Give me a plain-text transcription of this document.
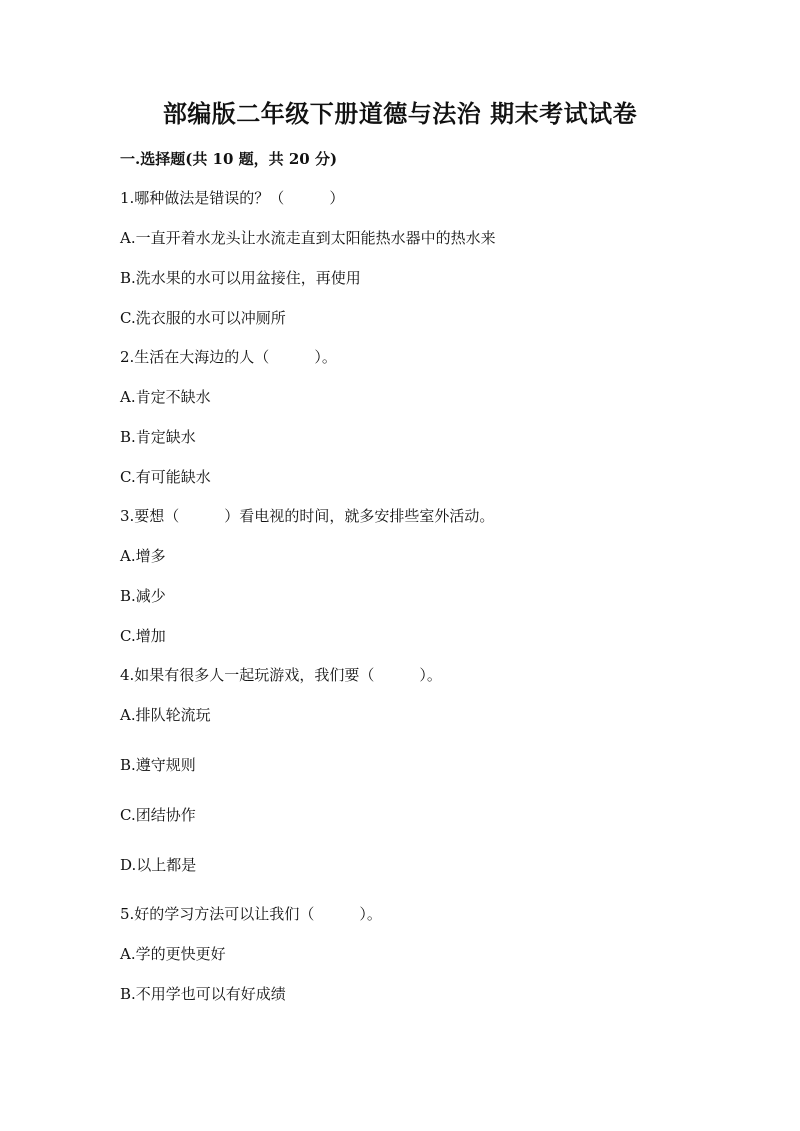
部编版二年级下册道德与法治 期末考试试卷
一.选择题(共 10 题，共 20 分)
1.哪种做法是错误的？（　　　）
A.一直开着水龙头让水流走直到太阳能热水器中的热水来
B.洗水果的水可以用盆接住，再使用
C.洗衣服的水可以冲厕所
2.生活在大海边的人（　　　）。
A.肯定不缺水
B.肯定缺水
C.有可能缺水
3.要想（　　　）看电视的时间，就多安排些室外活动。
A.增多
B.减少
C.增加
4.如果有很多人一起玩游戏，我们要（　　　）。
A.排队轮流玩
B.遵守规则
C.团结协作
D.以上都是
5.好的学习方法可以让我们（　　　）。
A.学的更快更好
B.不用学也可以有好成绩
